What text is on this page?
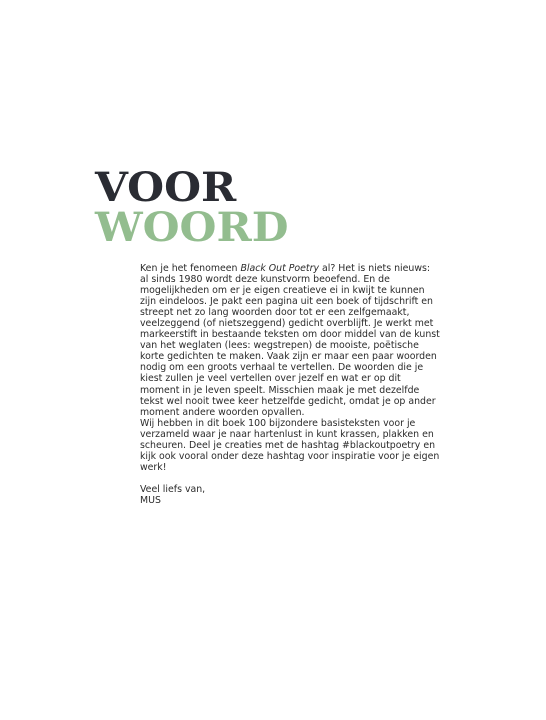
VOOR
WOORD

Ken je het fenomeen Black Out Poetry al? Het is niets nieuws: al sinds 1980 wordt deze kunstvorm beoefend. En de mogelijkheden om er je eigen creatieve ei in kwijt te kunnen zijn eindeloos. Je pakt een pagina uit een boek of tijdschrift en streept net zo lang woorden door tot er een zelfgemaakt, veelzeggend (of nietszeggend) gedicht overblijft. Je werkt met markeerstift in bestaande teksten om door middel van de kunst van het weglaten (lees: wegstrepen) de mooiste, poëtische korte gedichten te maken. Vaak zijn er maar een paar woorden nodig om een groots verhaal te vertellen. De woorden die je kiest zullen je veel vertellen over jezelf en wat er op dit moment in je leven speelt. Misschien maak je met dezelfde tekst wel nooit twee keer hetzelfde gedicht, omdat je op ander moment andere woorden opvallen.

Wij hebben in dit boek 100 bijzondere basisteksten voor je verzameld waar je naar hartenlust in kunt krassen, plakken en scheuren. Deel je creaties met de hashtag #blackoutpoetry en kijk ook vooral onder deze hashtag voor inspiratie voor je eigen werk!

Veel liefs van,

MUS
